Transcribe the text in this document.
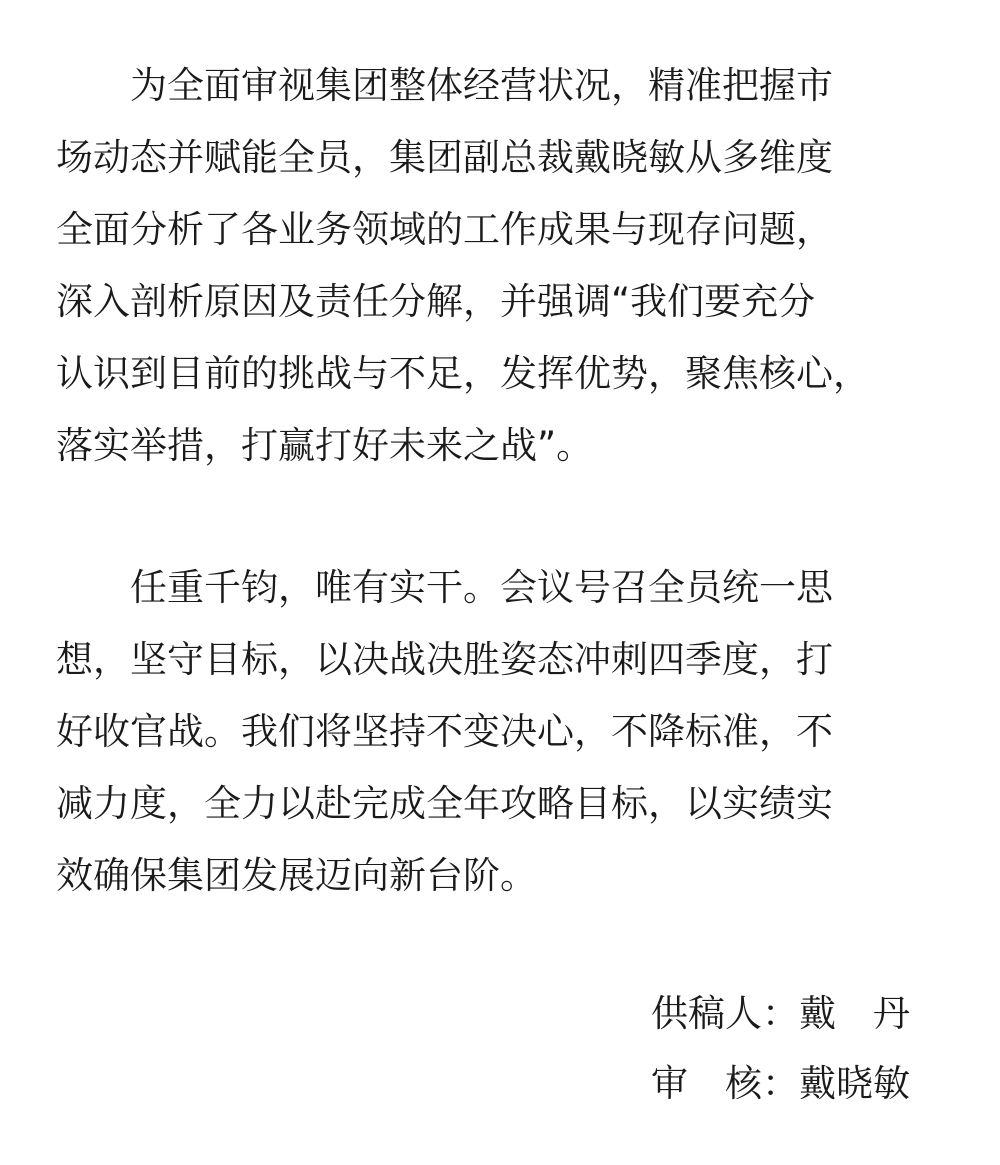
　　为全面审视集团整体经营状况，精准把握市
场动态并赋能全员，集团副总裁戴晓敏从多维度
全面分析了各业务领域的工作成果与现存问题，
深入剖析原因及责任分解，并强调“我们要充分
认识到目前的挑战与不足，发挥优势，聚焦核心，
落实举措，打赢打好未来之战”。
　　任重千钧，唯有实干。会议号召全员统一思
想，坚守目标，以决战决胜姿态冲刺四季度，打
好收官战。我们将坚持不变决心，不降标准，不
减力度，全力以赴完成全年攻略目标，以实绩实
效确保集团发展迈向新台阶。
供稿人：戴　丹
审　核：戴晓敏
